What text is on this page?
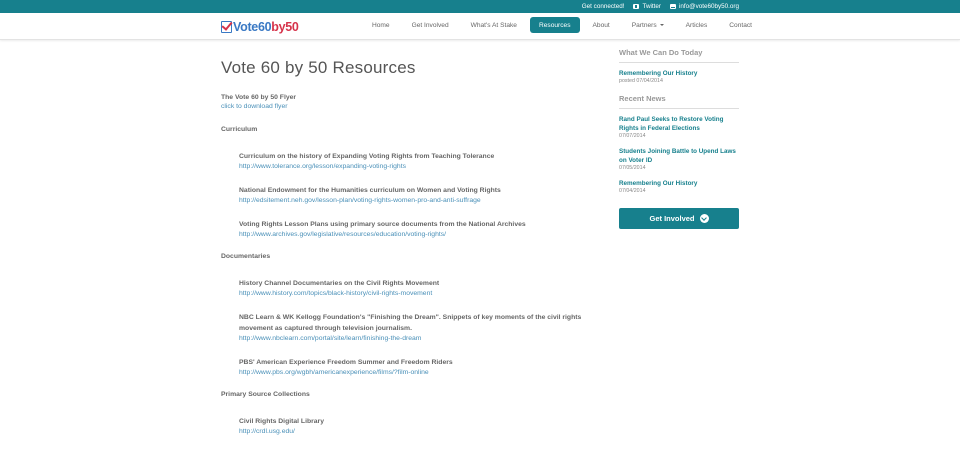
Get connected!	Twitter	info@vote60by50.org
Vote60 by50	Home	Get Involved	What's At Stake	Resources	About	Partners	Articles	Contact
Vote 60 by 50 Resources
The Vote 60 by 50 Flyer
click to download flyer
Curriculum
Curriculum on the history of Expanding Voting Rights from Teaching Tolerance
http://www.tolerance.org/lesson/expanding-voting-rights
National Endowment for the Humanities curriculum on Women and Voting Rights
http://edsitement.neh.gov/lesson-plan/voting-rights-women-pro-and-anti-suffrage
Voting Rights Lesson Plans using primary source documents from the National Archives
http://www.archives.gov/legislative/resources/education/voting-rights/
Documentaries
History Channel Documentaries on the Civil Rights Movement
http://www.history.com/topics/black-history/civil-rights-movement
NBC Learn & WK Kellogg Foundation's "Finishing the Dream". Snippets of key moments of the civil rights movement as captured through television journalism.
http://www.nbclearn.com/portal/site/learn/finishing-the-dream
PBS' American Experience Freedom Summer and Freedom Riders
http://www.pbs.org/wgbh/americanexperience/films/?film-online
Primary Source Collections
Civil Rights Digital Library
http://crdl.usg.edu/
What We Can Do Today
Remembering Our History
posted 07/04/2014
Recent News
Rand Paul Seeks to Restore Voting Rights in Federal Elections
07/07/2014
Students Joining Battle to Upend Laws on Voter ID
07/05/2014
Remembering Our History
07/04/2014
Get Involved
